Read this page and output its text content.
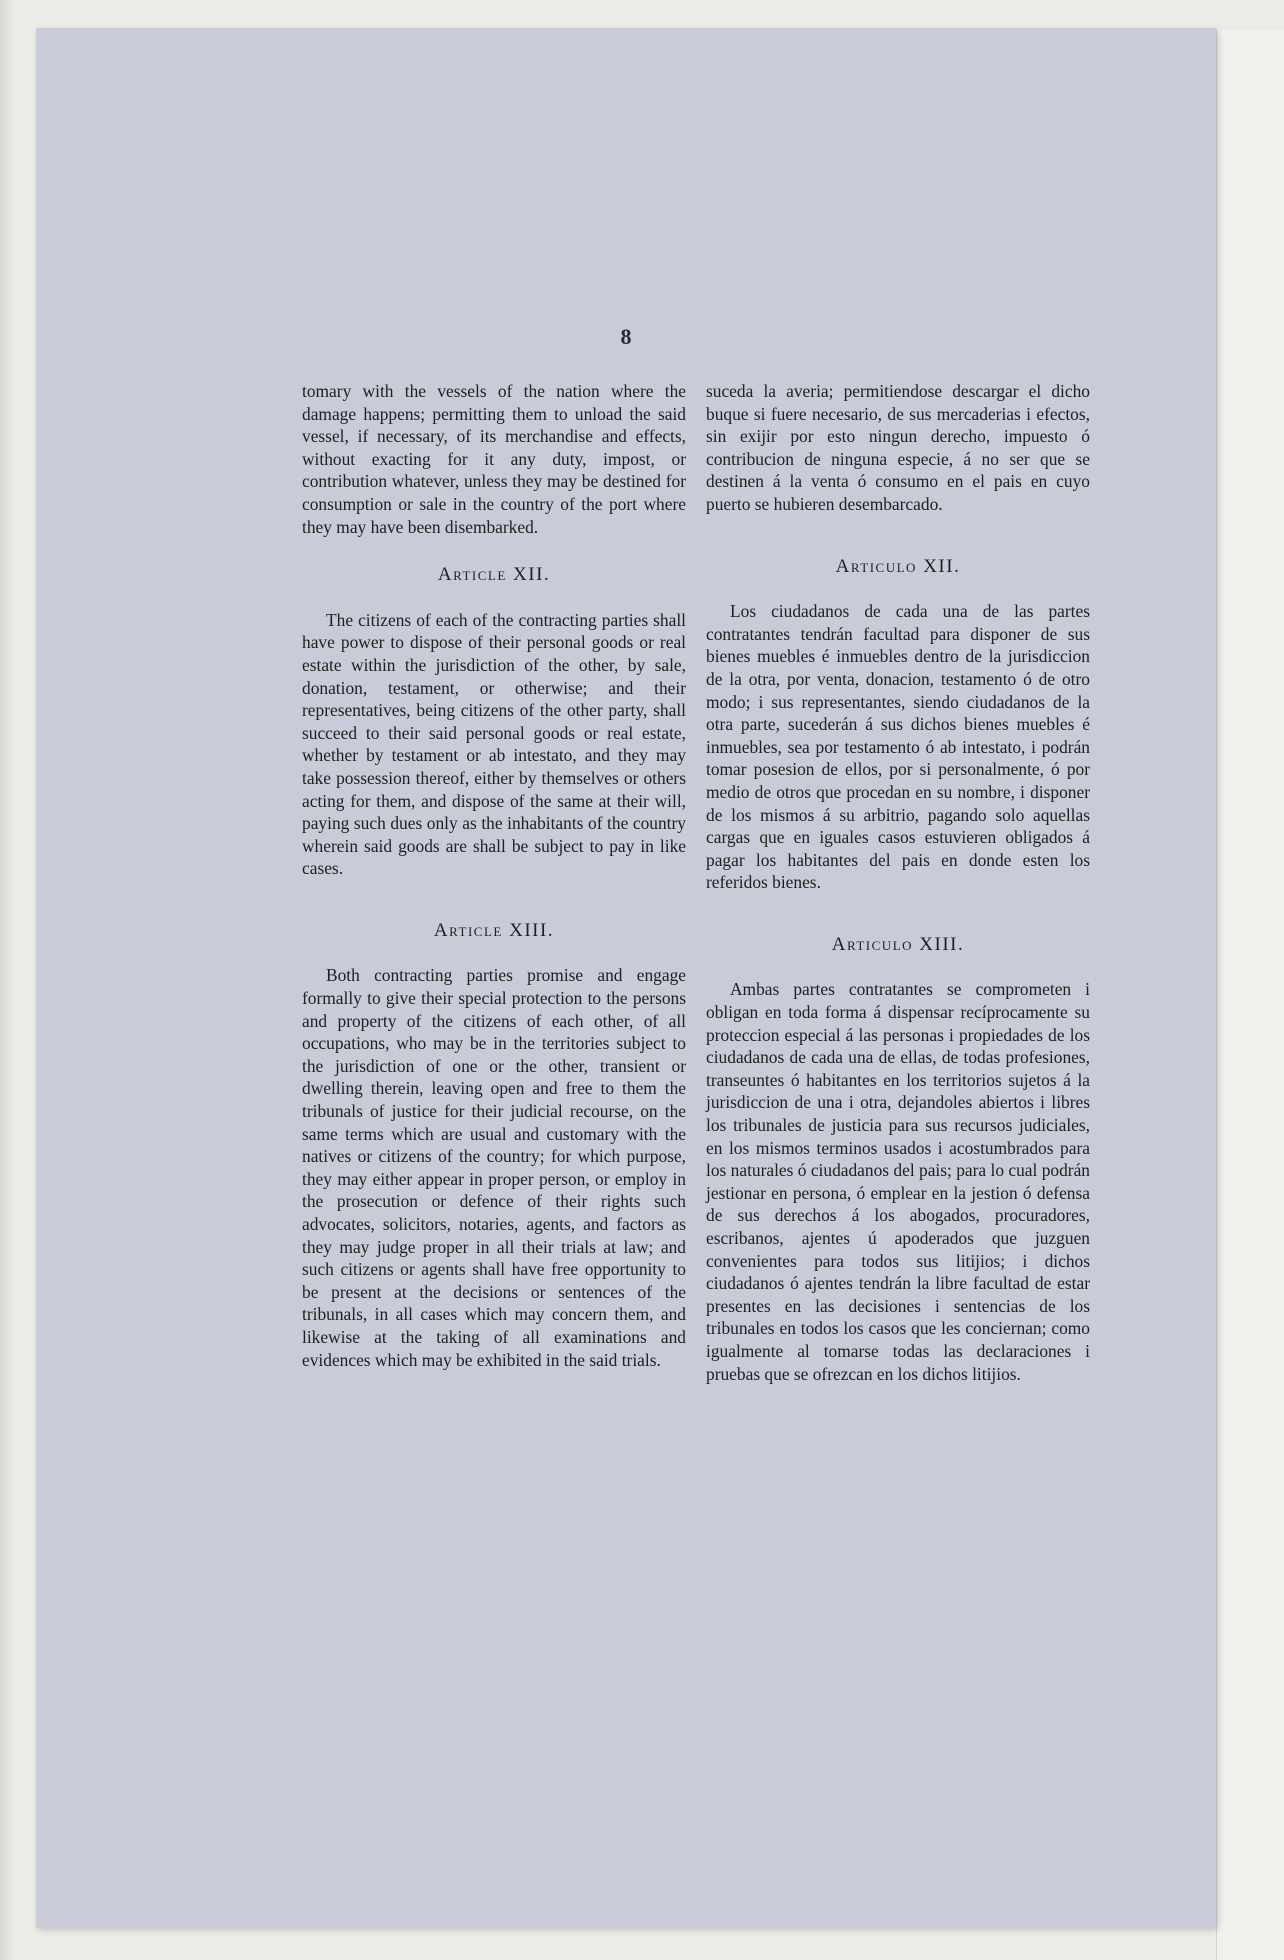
8

tomary with the vessels of the nation where the damage happens; permitting them to unload the said vessel, if necessary, of its merchandise and effects, without exacting for it any duty, impost, or contribution whatever, unless they may be destined for consumption or sale in the country of the port where they may have been disembarked.

Article XII.

The citizens of each of the contracting parties shall have power to dispose of their personal goods or real estate within the jurisdiction of the other, by sale, donation, testament, or otherwise; and their representatives, being citizens of the other party, shall succeed to their said personal goods or real estate, whether by testament or ab intestato, and they may take possession thereof, either by themselves or others acting for them, and dispose of the same at their will, paying such dues only as the inhabitants of the country wherein said goods are shall be subject to pay in like cases.

Article XIII.

Both contracting parties promise and engage formally to give their special protection to the persons and property of the citizens of each other, of all occupations, who may be in the territories subject to the jurisdiction of one or the other, transient or dwelling therein, leaving open and free to them the tribunals of justice for their judicial recourse, on the same terms which are usual and customary with the natives or citizens of the country; for which purpose, they may either appear in proper person, or employ in the prosecution or defence of their rights such advocates, solicitors, notaries, agents, and factors as they may judge proper in all their trials at law; and such citizens or agents shall have free opportunity to be present at the decisions or sentences of the tribunals, in all cases which may concern them, and likewise at the taking of all examinations and evidences which may be exhibited in the said trials.

suceda la averia; permitiendose descargar el dicho buque si fuere necesario, de sus mercaderias i efectos, sin exijir por esto ningun derecho, impuesto ó contribucion de ninguna especie, á no ser que se destinen á la venta ó consumo en el pais en cuyo puerto se hubieren desembarcado.

Articulo XII.

Los ciudadanos de cada una de las partes contratantes tendrán facultad para disponer de sus bienes muebles é inmuebles dentro de la jurisdiccion de la otra, por venta, donacion, testamento ó de otro modo; i sus representantes, siendo ciudadanos de la otra parte, sucederán á sus dichos bienes muebles é inmuebles, sea por testamento ó ab intestato, i podrán tomar posesion de ellos, por si personalmente, ó por medio de otros que procedan en su nombre, i disponer de los mismos á su arbitrio, pagando solo aquellas cargas que en iguales casos estuvieren obligados á pagar los habitantes del pais en donde esten los referidos bienes.

Articulo XIII.

Ambas partes contratantes se comprometen i obligan en toda forma á dispensar recíprocamente su proteccion especial á las personas i propiedades de los ciudadanos de cada una de ellas, de todas profesiones, transeuntes ó habitantes en los territorios sujetos á la jurisdiccion de una i otra, dejandoles abiertos i libres los tribunales de justicia para sus recursos judiciales, en los mismos terminos usados i acostumbrados para los naturales ó ciudadanos del pais; para lo cual podrán jestionar en persona, ó emplear en la jestion ó defensa de sus derechos á los abogados, procuradores, escribanos, ajentes ú apoderados que juzguen convenientes para todos sus litijios; i dichos ciudadanos ó ajentes tendrán la libre facultad de estar presentes en las decisiones i sentencias de los tribunales en todos los casos que les conciernan; como igualmente al tomarse todas las declaraciones i pruebas que se ofrezcan en los dichos litijios.
